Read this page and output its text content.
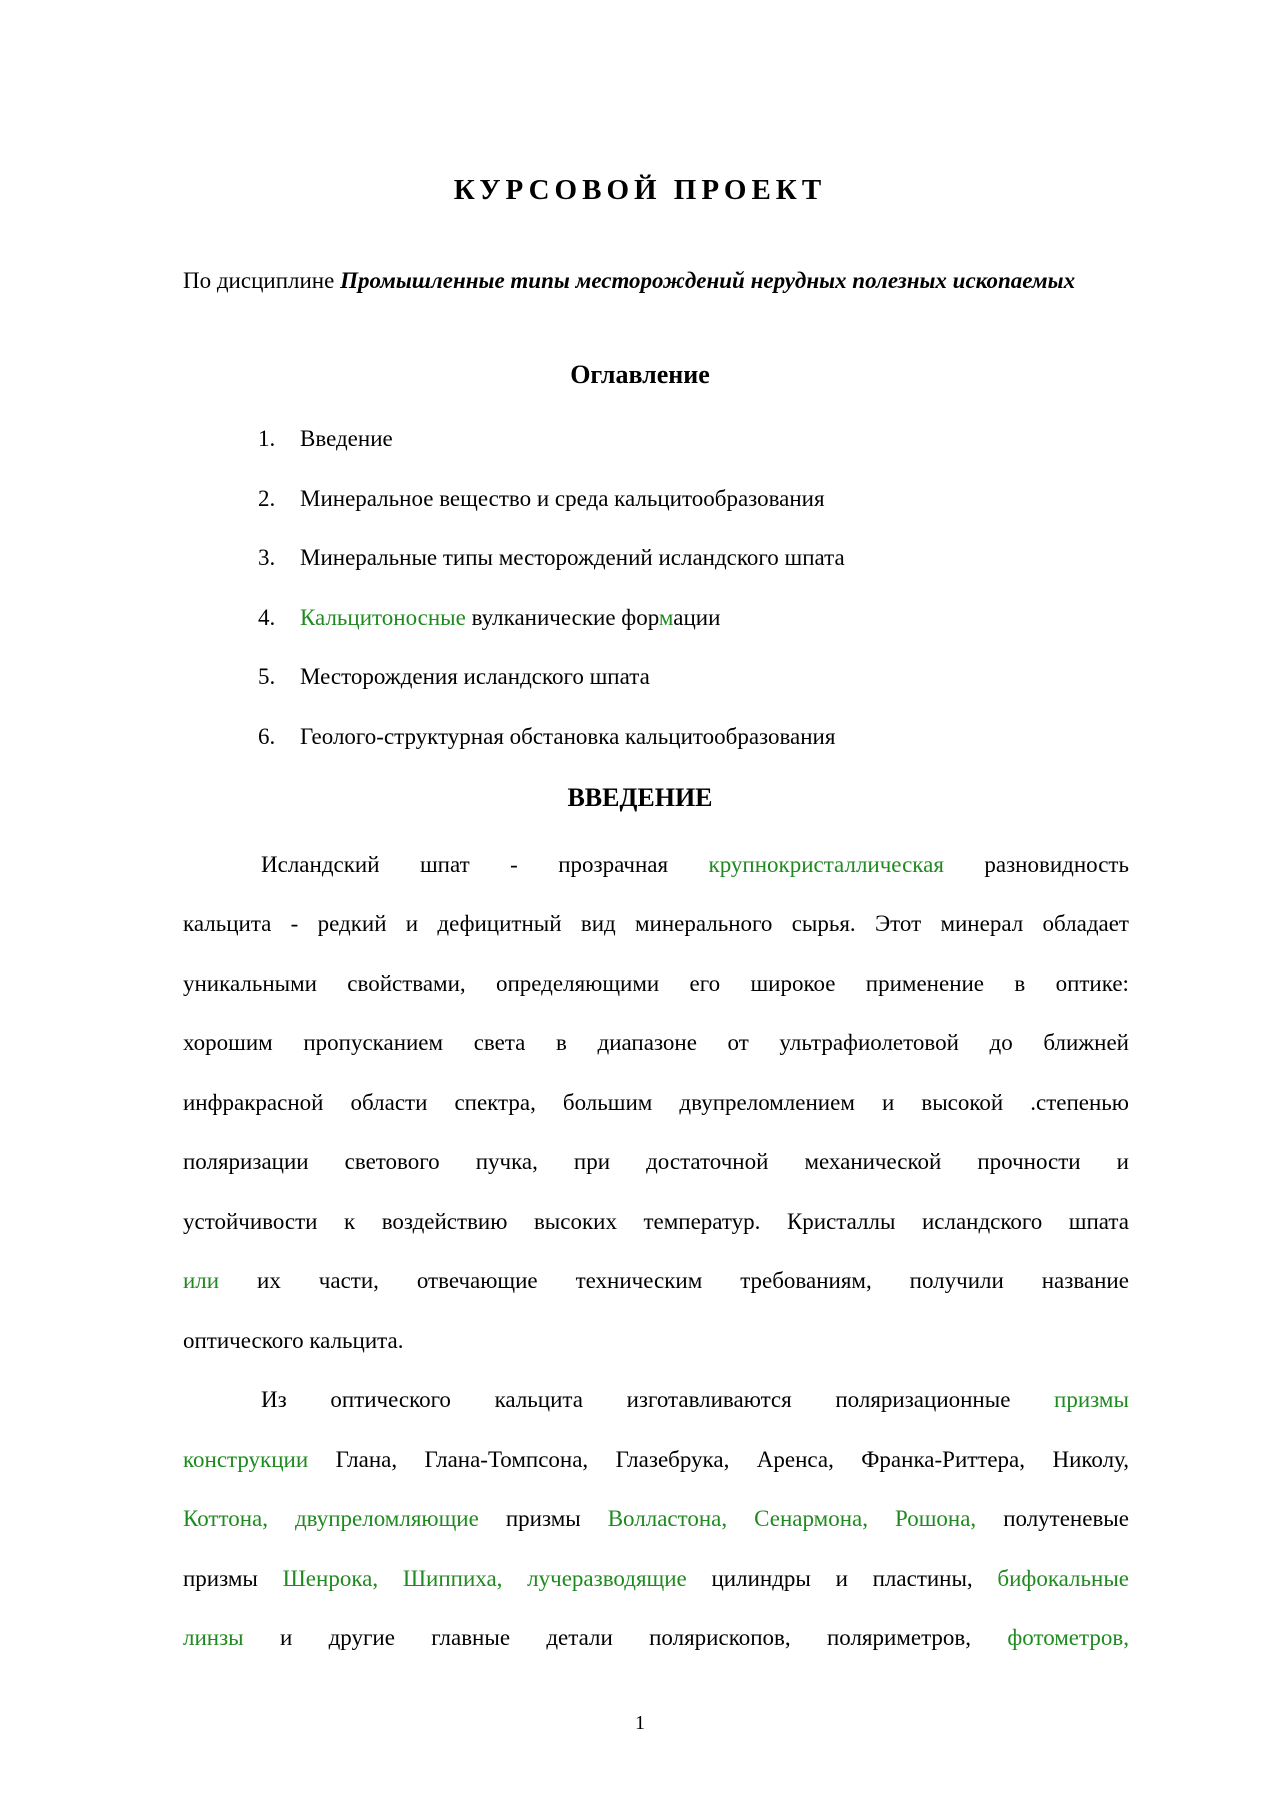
КУРСОВОЙ ПРОЕКТ
По дисциплине Промышленные типы месторождений нерудных полезных ископаемых
Оглавление
1.	Введение
2.	Минеральное вещество и среда кальцитообразования
3.	Минеральные типы месторождений исландского шпата
4.	Кальцитоносные вулканические формации
5.	Месторождения исландского шпата
6.	Геолого-структурная обстановка кальцитообразования
ВВЕДЕНИЕ
Исландский шпат - прозрачная крупнокристаллическая разновидность
кальцита - редкий и дефицитный вид минерального сырья. Этот минерал обладает
уникальными свойствами, определяющими его широкое применение в оптике:
хорошим пропусканием света в диапазоне от ультрафиолетовой до ближней
инфракрасной области спектра, большим двупреломлением и высокой .степенью
поляризации светового пучка, при достаточной механической прочности и
устойчивости к воздействию высоких температур. Кристаллы исландского шпата
или их части, отвечающие техническим требованиям, получили название
оптического
кальцита.
Из оптического кальцита изготавливаются поляризационные призмы
конструкции Глана, Глана-Томпсона, Глазебрука, Аренса, Франка-Риттера, Николу,
Коттона, двупреломляющие призмы Волластона, Сенармона, Рошона, полутеневые
призмы Шенрока, Шиппиха, лучеразводящие цилиндры и пластины, бифокальные
линзы и другие главные детали полярископов, поляриметров, фотометров,
1
